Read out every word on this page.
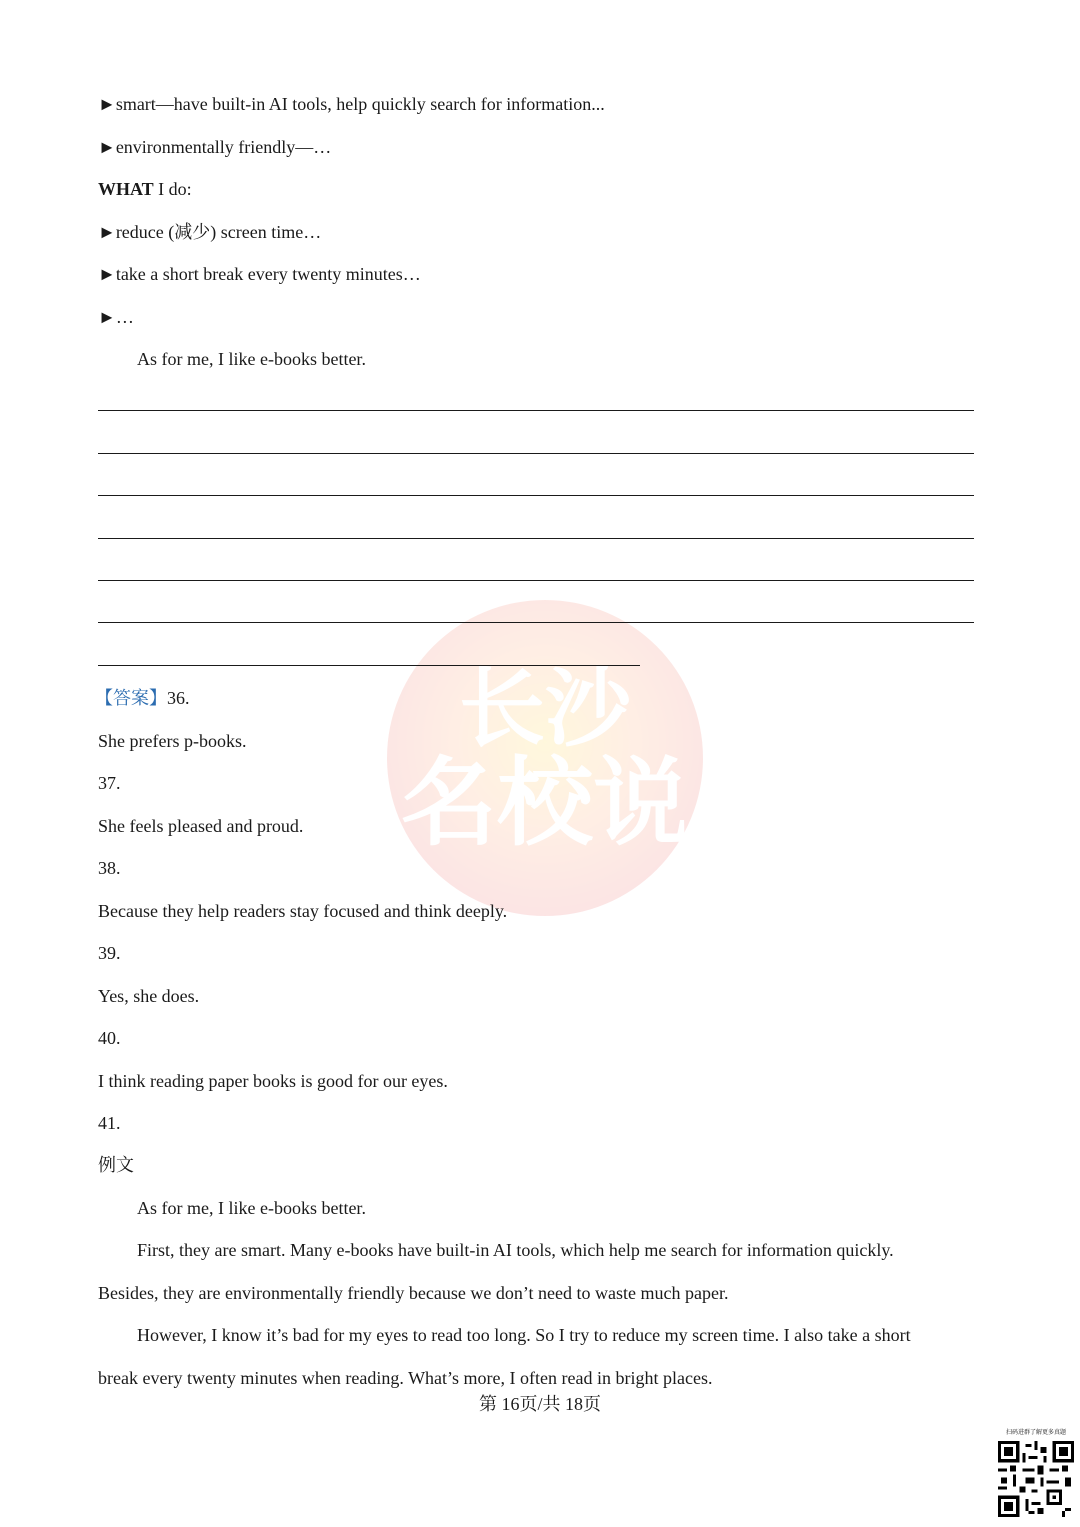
长沙
名校说
►smart—have built-in AI tools, help quickly search for information...
►environmentally friendly—…
WHAT I do:
►reduce (减少) screen time…
►take a short break every twenty minutes…
►…
As for me, I like e-books better.
【答案】36.
She prefers p-books.
37.
She feels pleased and proud.
38.
Because they help readers stay focused and think deeply.
39.
Yes, she does.
40.
I think reading paper books is good for our eyes.
41.
例文
As for me, I like e-books better.
First, they are smart. Many e-books have built-in AI tools, which help me search for information quickly.
Besides, they are environmentally friendly because we don’t need to waste much paper.
However, I know it’s bad for my eyes to read too long. So I try to reduce my screen time. I also take a short
break every twenty minutes when reading. What’s more, I often read in bright places.
第 16页/共 18页
扫码进群了解更多真题
